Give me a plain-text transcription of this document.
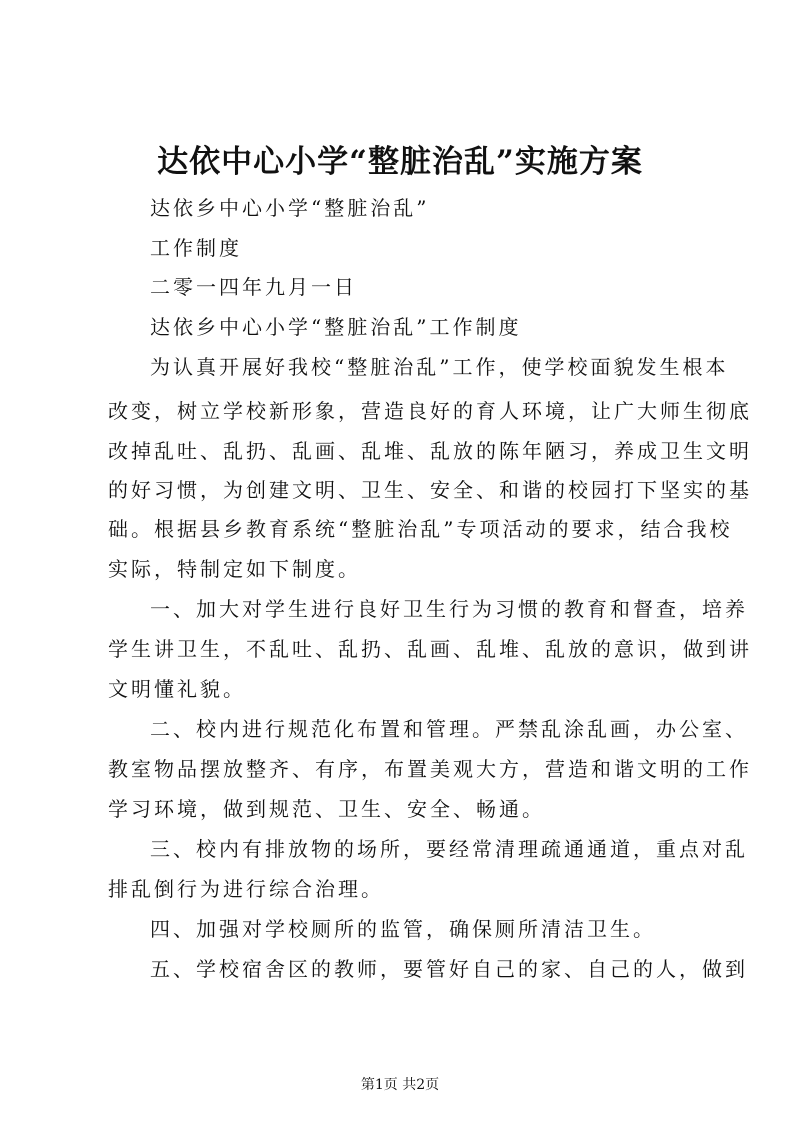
达依中心小学“整脏治乱”实施方案

达依乡中心小学“整脏治乱”

工作制度

二零一四年九月一日

达依乡中心小学“整脏治乱”工作制度

为认真开展好我校“整脏治乱”工作，使学校面貌发生根本

改变，树立学校新形象，营造良好的育人环境，让广大师生彻底

改掉乱吐、乱扔、乱画、乱堆、乱放的陈年陋习，养成卫生文明

的好习惯，为创建文明、卫生、安全、和谐的校园打下坚实的基

础。根据县乡教育系统“整脏治乱”专项活动的要求，结合我校

实际，特制定如下制度。

一、加大对学生进行良好卫生行为习惯的教育和督查，培养

学生讲卫生，不乱吐、乱扔、乱画、乱堆、乱放的意识，做到讲

文明懂礼貌。

二、校内进行规范化布置和管理。严禁乱涂乱画，办公室、

教室物品摆放整齐、有序，布置美观大方，营造和谐文明的工作

学习环境，做到规范、卫生、安全、畅通。

三、校内有排放物的场所，要经常清理疏通通道，重点对乱

排乱倒行为进行综合治理。

四、加强对学校厕所的监管，确保厕所清洁卫生。

五、学校宿舍区的教师，要管好自己的家、自己的人，做到

第1页 共2页
